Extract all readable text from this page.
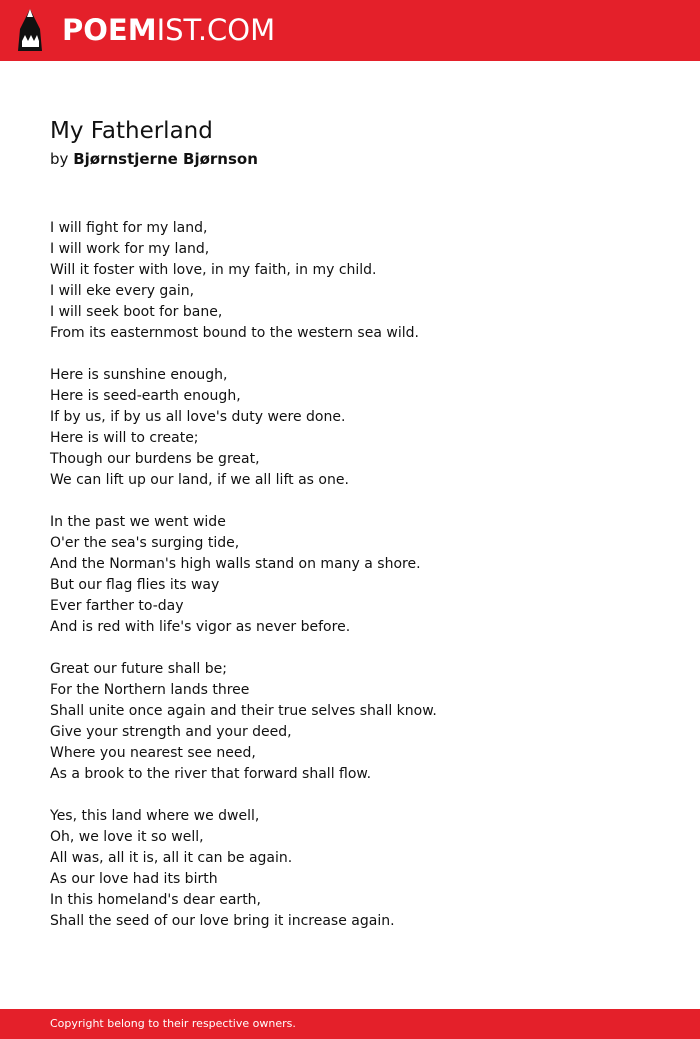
POEMIST.COM
My Fatherland
by Bjørnstjerne Bjørnson
I will fight for my land,
I will work for my land,
Will it foster with love, in my faith, in my child.
I will eke every gain,
I will seek boot for bane,
From its easternmost bound to the western sea wild.
Here is sunshine enough,
Here is seed-earth enough,
If by us, if by us all love's duty were done.
Here is will to create;
Though our burdens be great,
We can lift up our land, if we all lift as one.
In the past we went wide
O'er the sea's surging tide,
And the Norman's high walls stand on many a shore.
But our flag flies its way
Ever farther to-day
And is red with life's vigor as never before.
Great our future shall be;
For the Northern lands three
Shall unite once again and their true selves shall know.
Give your strength and your deed,
Where you nearest see need,
As a brook to the river that forward shall flow.
Yes, this land where we dwell,
Oh, we love it so well,
All was, all it is, all it can be again.
As our love had its birth
In this homeland's dear earth,
Shall the seed of our love bring it increase again.
Copyright belong to their respective owners.
